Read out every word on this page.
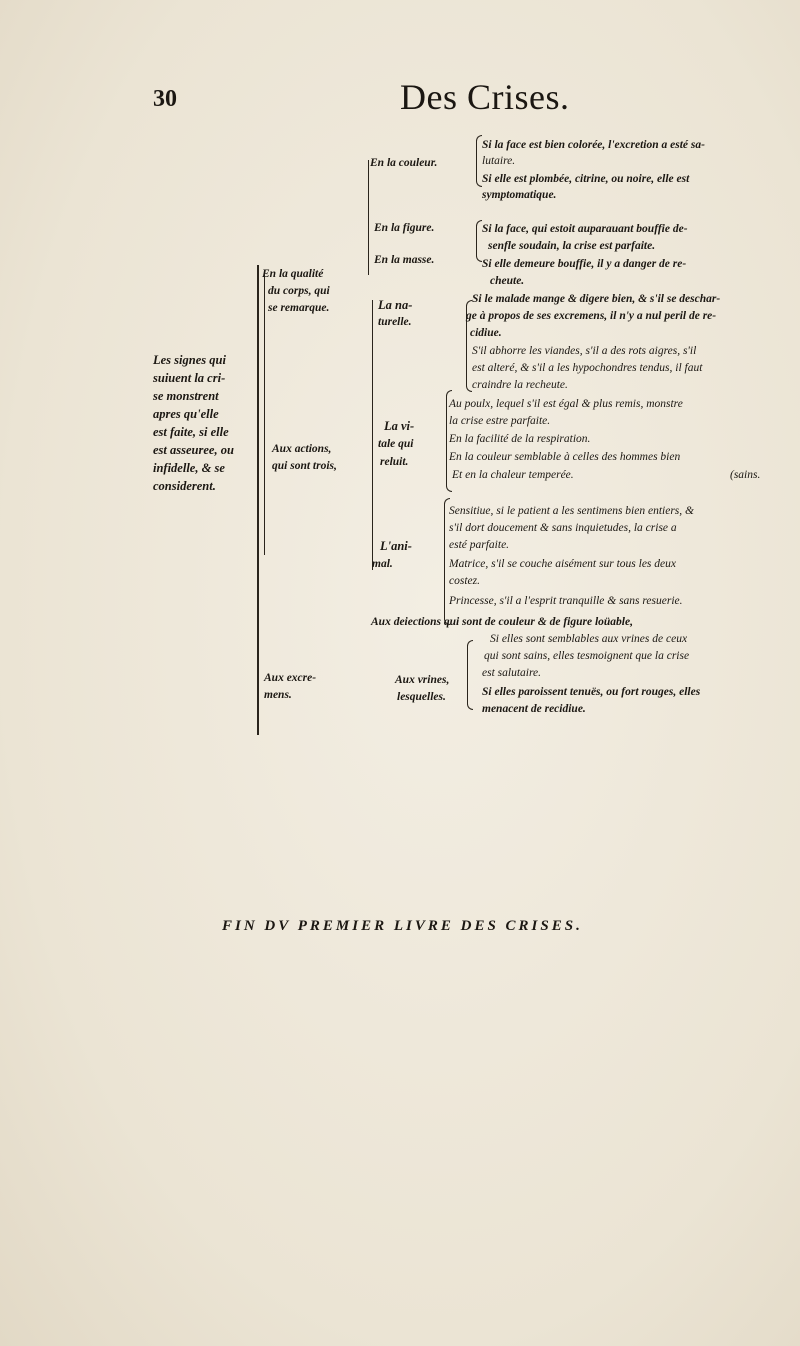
30	Des Crises.
Les signes qui
suiuent la cri-
se monstrent
apres qu'elle
est faite, si elle
est asseuree, ou
infidelle, & se
considerent.
En la qualité
du corps, qui
se remarque.
Aux actions,
qui sont trois,
Aux excre-
mens.
En la couleur.
En la figure.
En la masse.
La na-
turelle.
La vi-
tale qui
reluit.
L'ani-
mal.
Aux vrines,
lesquelles.
Si la face est bien colorée, l'excretion a esté sa-
lutaire.
Si elle est plombée, citrine, ou noire, elle est
symptomatique.
Si la face, qui estoit auparauant bouffie de-
senfle soudain, la crise est parfaite.
Si elle demeure bouffie, il y a danger de re-
cheute.
Si le malade mange & digere bien, & s'il se deschar-
ge à propos de ses excremens, il n'y a nul peril de re-
cidiue.
S'il abhorre les viandes, s'il a des rots aigres, s'il
est alteré, & s'il a les hypochondres tendus, il faut
craindre la recheute.
Au poulx, lequel s'il est égal & plus remis, monstre
la crise estre parfaite.
En la facilité de la respiration.
En la couleur semblable à celles des hommes bien
Et en la chaleur temperée.	(sains.
Sensitiue, si le patient a les sentimens bien entiers, &
s'il dort doucement & sans inquietudes, la crise a
esté parfaite.
Matrice, s'il se couche aisément sur tous les deux
costez.
Princesse, s'il a l'esprit tranquille & sans resuerie.
Aux deiections qui sont de couleur & de figure loüable,
Si elles sont semblables aux vrines de ceux
qui sont sains, elles tesmoignent que la crise
est salutaire.
Si elles paroissent tenuës, ou fort rouges, elles
menacent de recidiue.
FIN DV PREMIER LIVRE DES CRISES.
